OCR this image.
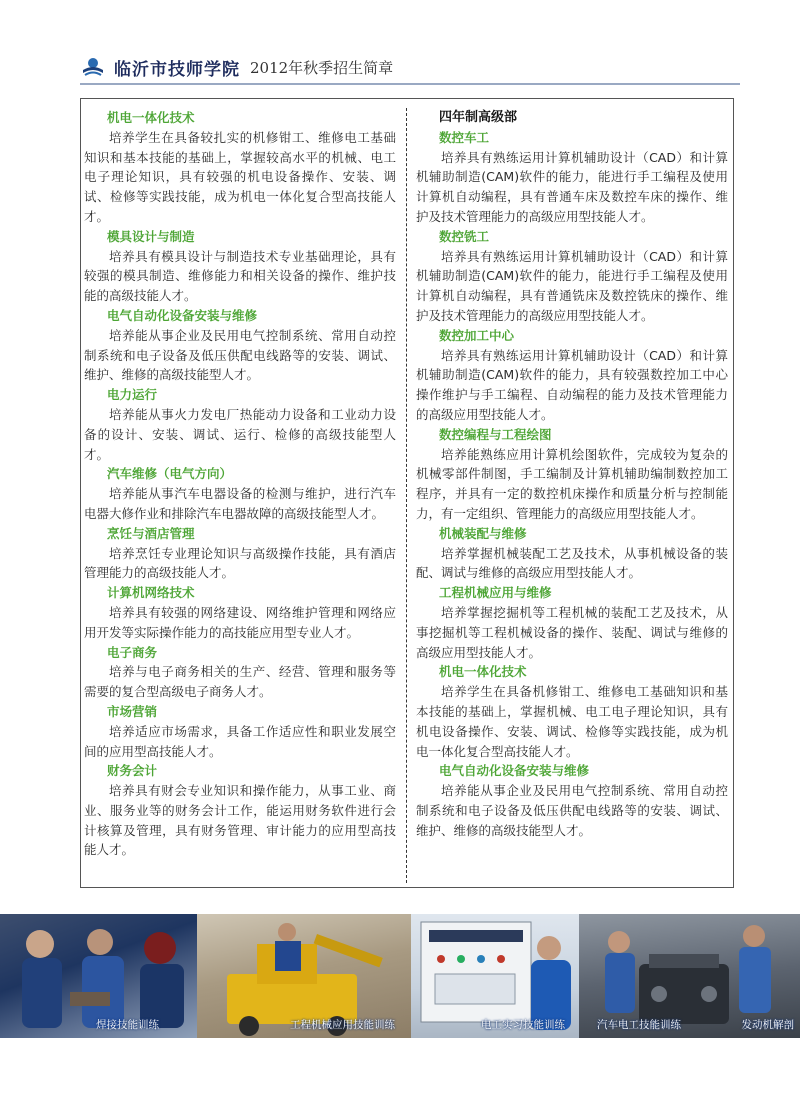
临沂市技师学院 2012年秋季招生简章
机电一体化技术
培养学生在具备较扎实的机修钳工、维修电工基础知识和基本技能的基础上，掌握较高水平的机械、电工电子理论知识，具有较强的机电设备操作、安装、调试、检修等实践技能，成为机电一体化复合型高技能人才。
模具设计与制造
培养具有模具设计与制造技术专业基础理论，具有较强的模具制造、维修能力和相关设备的操作、维护技能的高级技能人才。
电气自动化设备安装与维修
培养能从事企业及民用电气控制系统、常用自动控制系统和电子设备及低压供配电线路等的安装、调试、维护、维修的高级技能型人才。
电力运行
培养能从事火力发电厂热能动力设备和工业动力设备的设计、安装、调试、运行、检修的高级技能型人才。
汽车维修（电气方向）
培养能从事汽车电器设备的检测与维护，进行汽车电器大修作业和排除汽车电器故障的高级技能型人才。
烹饪与酒店管理
培养烹饪专业理论知识与高级操作技能，具有酒店管理能力的高级技能人才。
计算机网络技术
培养具有较强的网络建设、网络维护管理和网络应用开发等实际操作能力的高技能应用型专业人才。
电子商务
培养与电子商务相关的生产、经营、管理和服务等需要的复合型高级电子商务人才。
市场营销
培养适应市场需求，具备工作适应性和职业发展空间的应用型高技能人才。
财务会计
培养具有财会专业知识和操作能力，从事工业、商业、服务业等的财务会计工作，能运用财务软件进行会计核算及管理，具有财务管理、审计能力的应用型高技能人才。
四年制高级部
数控车工
培养具有熟练运用计算机辅助设计（CAD）和计算机辅助制造(CAM)软件的能力，能进行手工编程及使用计算机自动编程，具有普通车床及数控车床的操作、维护及技术管理能力的高级应用型技能人才。
数控铣工
培养具有熟练运用计算机辅助设计（CAD）和计算机辅助制造(CAM)软件的能力，能进行手工编程及使用计算机自动编程，具有普通铣床及数控铣床的操作、维护及技术管理能力的高级应用型技能人才。
数控加工中心
培养具有熟练运用计算机辅助设计（CAD）和计算机辅助制造(CAM)软件的能力，具有较强数控加工中心操作维护与手工编程、自动编程的能力及技术管理能力的高级应用型技能人才。
数控编程与工程绘图
培养能熟练应用计算机绘图软件，完成较为复杂的机械零部件制图，手工编制及计算机辅助编制数控加工程序，并具有一定的数控机床操作和质量分析与控制能力，有一定组织、管理能力的高级应用型技能人才。
机械装配与维修
培养掌握机械装配工艺及技术，从事机械设备的装配、调试与维修的高级应用型技能人才。
工程机械应用与维修
培养掌握挖掘机等工程机械的装配工艺及技术，从事挖掘机等工程机械设备的操作、装配、调试与维修的高级应用型技能人才。
机电一体化技术
培养学生在具备机修钳工、维修电工基础知识和基本技能的基础上，掌握机械、电工电子理论知识，具有机电设备操作、安装、调试、检修等实践技能，成为机电一体化复合型高技能人才。
电气自动化设备安装与维修
培养能从事企业及民用电气控制系统、常用自动控制系统和电子设备及低压供配电线路等的安装、调试、维护、维修的高级技能型人才。
焊接技能训练	工程机械应用技能训练	电工实习技能训练	汽车电工技能训练	发动机解剖
